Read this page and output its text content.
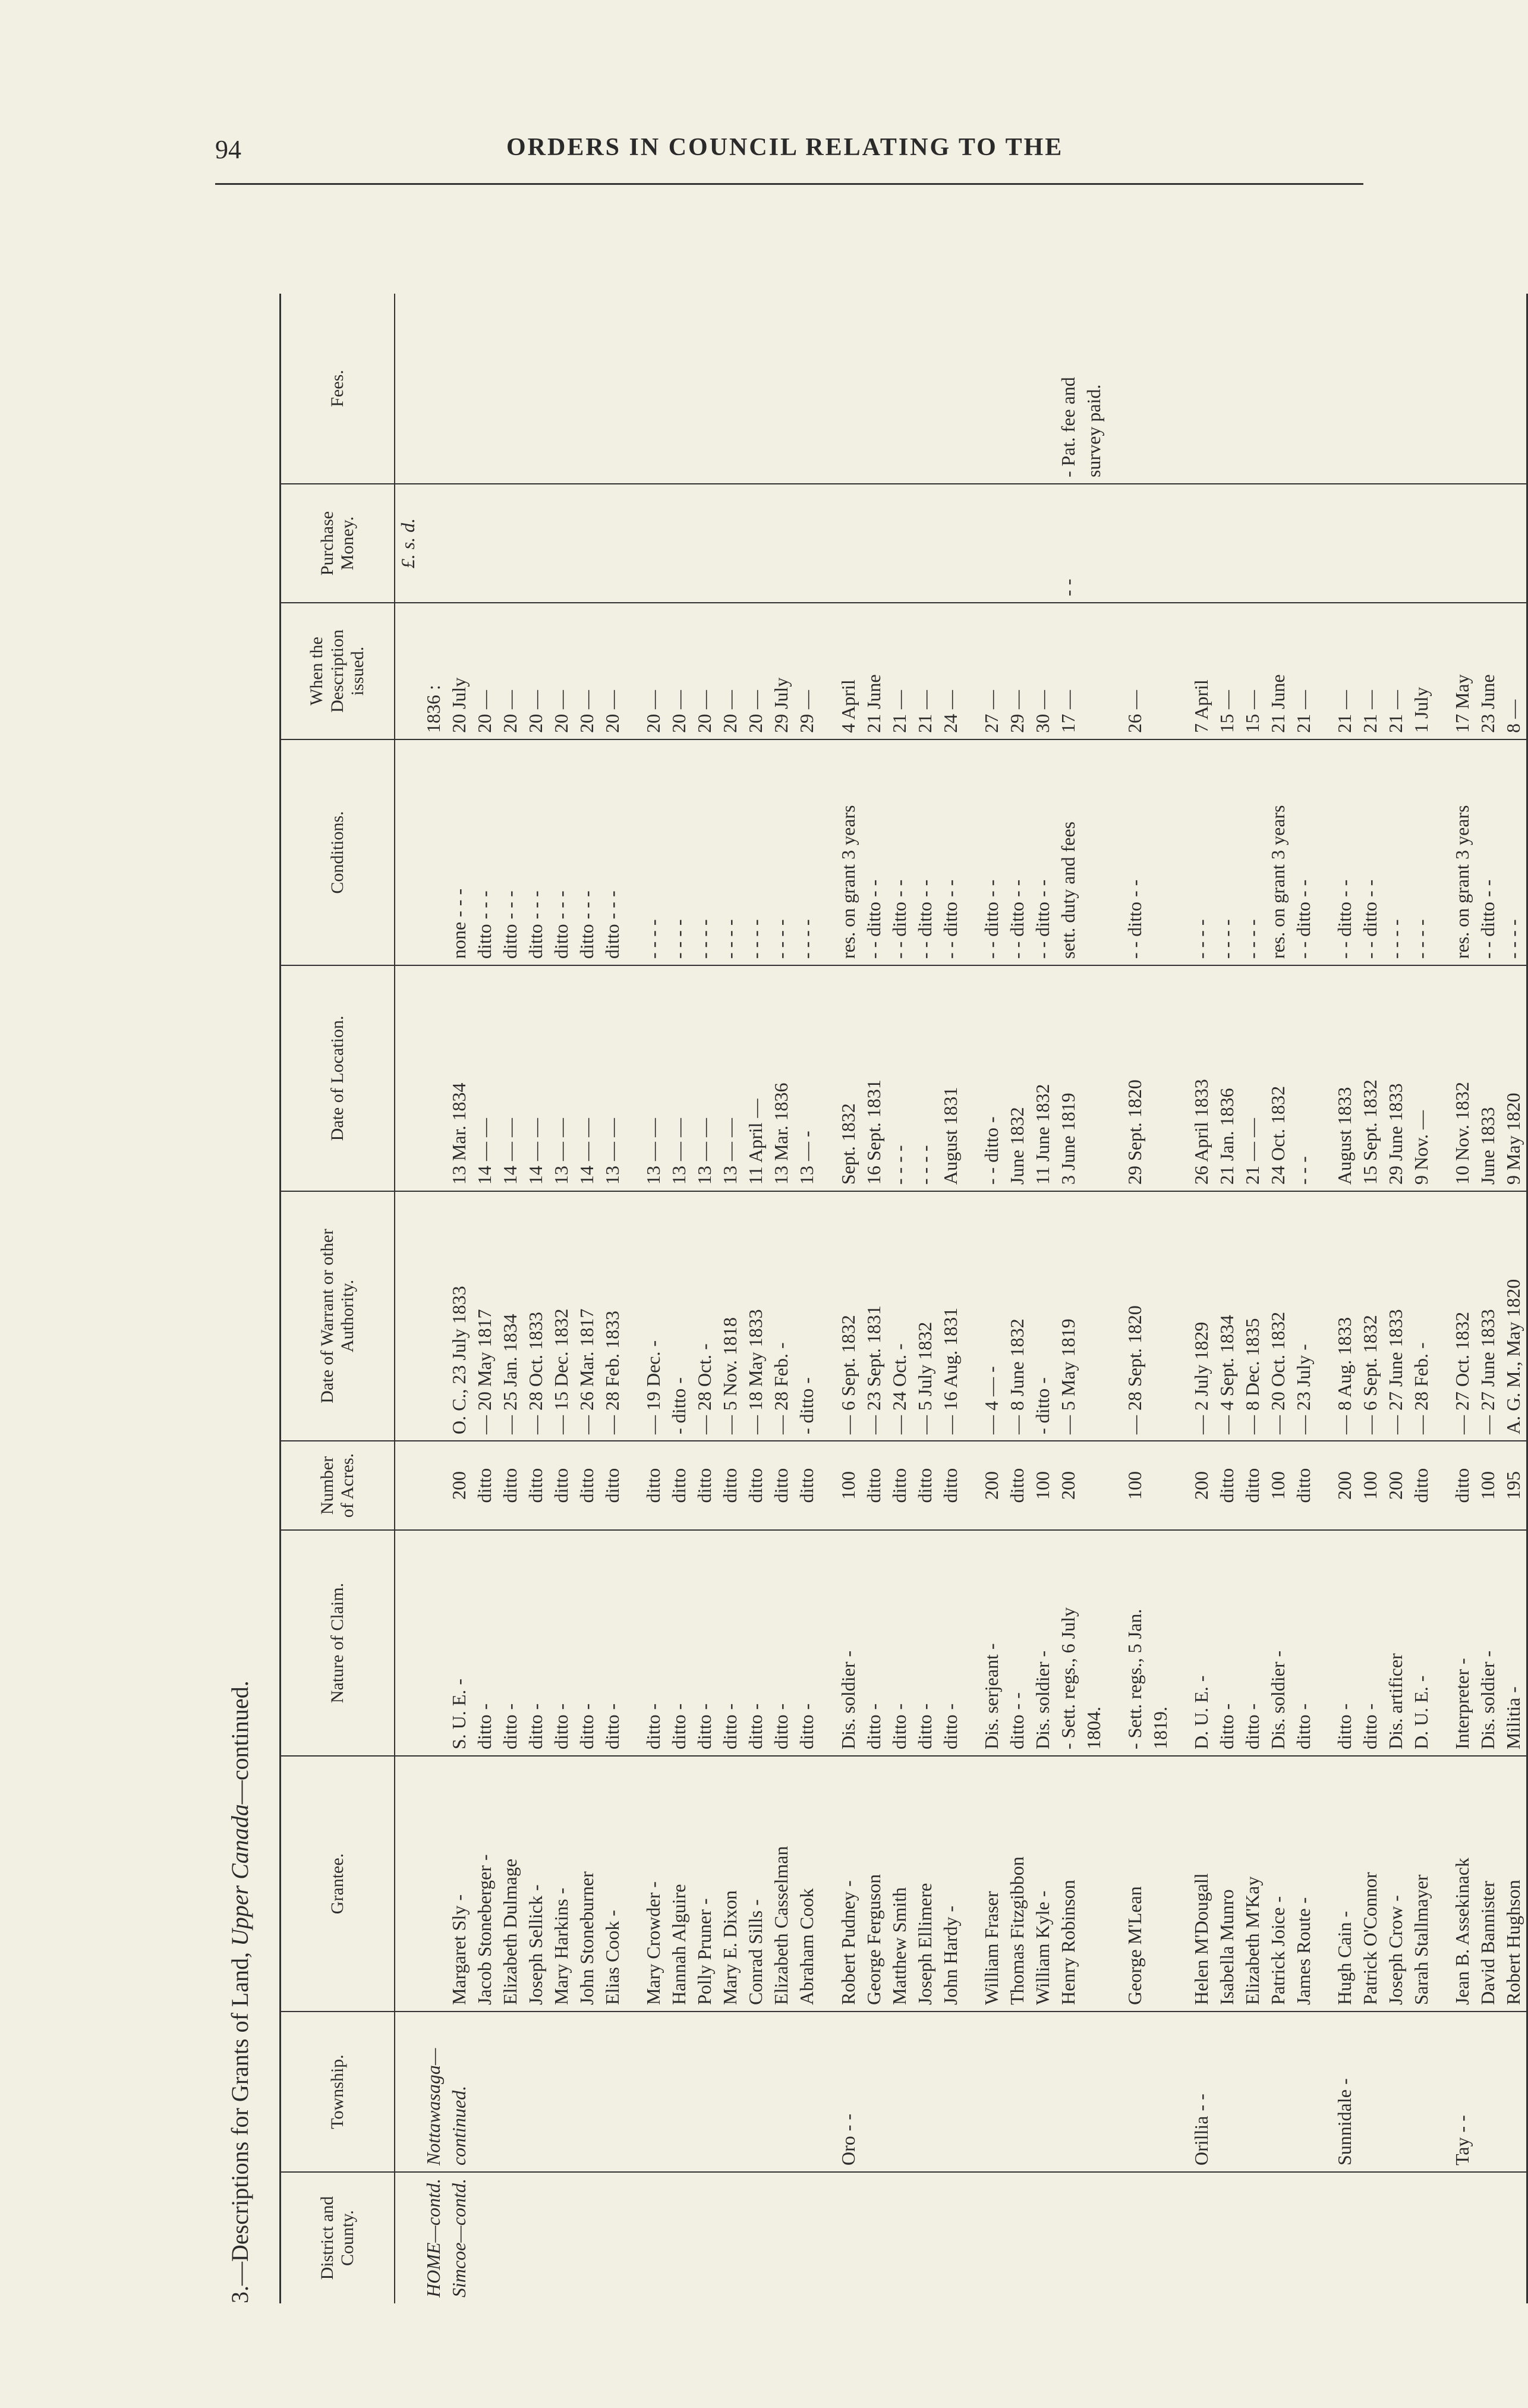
94	ORDERS IN COUNCIL RELATING TO THE
3.—Descriptions for Grants of Land, Upper Canada—continued.
District and County.	Township.	Grantee.	Nature of Claim.	Number of Acres.	Date of Warrant or other Authority.	Date of Location.	Conditions.	When the Description issued.	Purchase Money.	Fees.
									£. s. d.	
HOME—contd.	Nottawasaga—							1836 :		
Simcoe—contd.	continued.	Margaret Sly -	S. U. E. -	200	O. C., 23 July 1833	13 Mar. 1834	none - - -	20 July		
		Jacob Stoneberger -	ditto -	ditto	— 20 May 1817	14 — —	ditto - - -	20 —		
		Elizabeth Dulmage	ditto -	ditto	— 25 Jan. 1834	14 — —	ditto - - -	20 —		
		Joseph Sellick -	ditto -	ditto	— 28 Oct. 1833	14 — —	ditto - - -	20 —		
		Mary Harkins -	ditto -	ditto	— 15 Dec. 1832	13 — —	ditto - - -	20 —		
		John Stoneburner	ditto -	ditto	— 26 Mar. 1817	14 — —	ditto - - -	20 —		
		Elias Cook -	ditto -	ditto	— 28 Feb. 1833	13 — —	ditto - - -	20 —		

		Mary Crowder -	ditto -	ditto	— 19 Dec. -	13 — —	- - - -	20 —		
		Hannah Alguire	ditto -	ditto	- ditto -	13 — —	- - - -	20 —		
		Polly Pruner -	ditto -	ditto	— 28 Oct. -	13 — —	- - - -	20 —		
		Mary E. Dixon	ditto -	ditto	— 5 Nov. 1818	13 — —	- - - -	20 —		
		Conrad Sills -	ditto -	ditto	— 18 May 1833	11 April —	- - - -	20 —		
		Elizabeth Casselman	ditto -	ditto	— 28 Feb. -	13 Mar. 1836	- - - -	29 July		
		Abraham Cook	ditto -	ditto	- ditto -	13 — -	- - - -	29 —		

	Oro - -	Robert Pudney -	Dis. soldier -	100	— 6 Sept. 1832	Sept. 1832	res. on grant 3 years	4 April		
		George Ferguson	ditto -	ditto	— 23 Sept. 1831	16 Sept. 1831	- - ditto - -	21 June		
		Matthew Smith	ditto -	ditto	— 24 Oct. -	- - - -	- - ditto - -	21 —		
		Joseph Ellimere	ditto -	ditto	— 5 July 1832	- - - -	- - ditto - -	21 —		
		John Hardy -	ditto -	ditto	— 16 Aug. 1831	August 1831	- - ditto - -	24 —		

		William Fraser	Dis. serjeant -	200	— 4 — -	- - ditto -	- - ditto - -	27 —		
		Thomas Fitzgibbon	ditto - -	ditto	— 8 June 1832	June 1832	- - ditto - -	29 —		
		William Kyle -	Dis. soldier -	100	- ditto -	11 June 1832	- - ditto - -	30 —		
		Henry Robinson	- Sett. regs., 6 July	200	— 5 May 1819	3 June 1819	sett. duty and fees	17 —	- -	- Pat. fee and
			1804.							survey paid.

		George M'Lean	- Sett. regs., 5 Jan.	100	— 28 Sept. 1820	29 Sept. 1820	- - ditto - -	26 —		
			1819.							

	Orillia - -	Helen M'Dougall	D. U. E. -	200	— 2 July 1829	26 April 1833	- - - -	7 April		
		Isabella Munro	ditto -	ditto	— 4 Sept. 1834	21 Jan. 1836	- - - -	15 —		
		Elizabeth M'Kay	ditto -	ditto	— 8 Dec. 1835	21 — —	- - - -	15 —		
		Patrick Joice -	Dis. soldier -	100	— 20 Oct. 1832	24 Oct. 1832	res. on grant 3 years	21 June		
		James Route -	ditto -	ditto	— 23 July -	- - -	- - ditto - -	21 —		

	Sunnidale -	Hugh Cain -	ditto -	200	— 8 Aug. 1833	August 1833	- - ditto - -	21 —		
		Patrick O'Connor	ditto -	100	— 6 Sept. 1832	15 Sept. 1832	- - ditto - -	21 —		
		Joseph Crow -	Dis. artificer	200	— 27 June 1833	29 June 1833	- - - -	21 —		
		Sarah Stallmayer	D. U. E. -	ditto	— 28 Feb. -	9 Nov. —	- - - -	1 July		

	Tay - -	Jean B. Assekinack	Interpreter -	ditto	— 27 Oct. 1832	10 Nov. 1832	res. on grant 3 years	17 May		
		David Bannister	Dis. soldier -	100	— 27 June 1833	June 1833	- - ditto - -	23 June		
		Robert Hughson	Militia -	195	A. G. M., May 1820	9 May 1820	- - - -	8 —		
